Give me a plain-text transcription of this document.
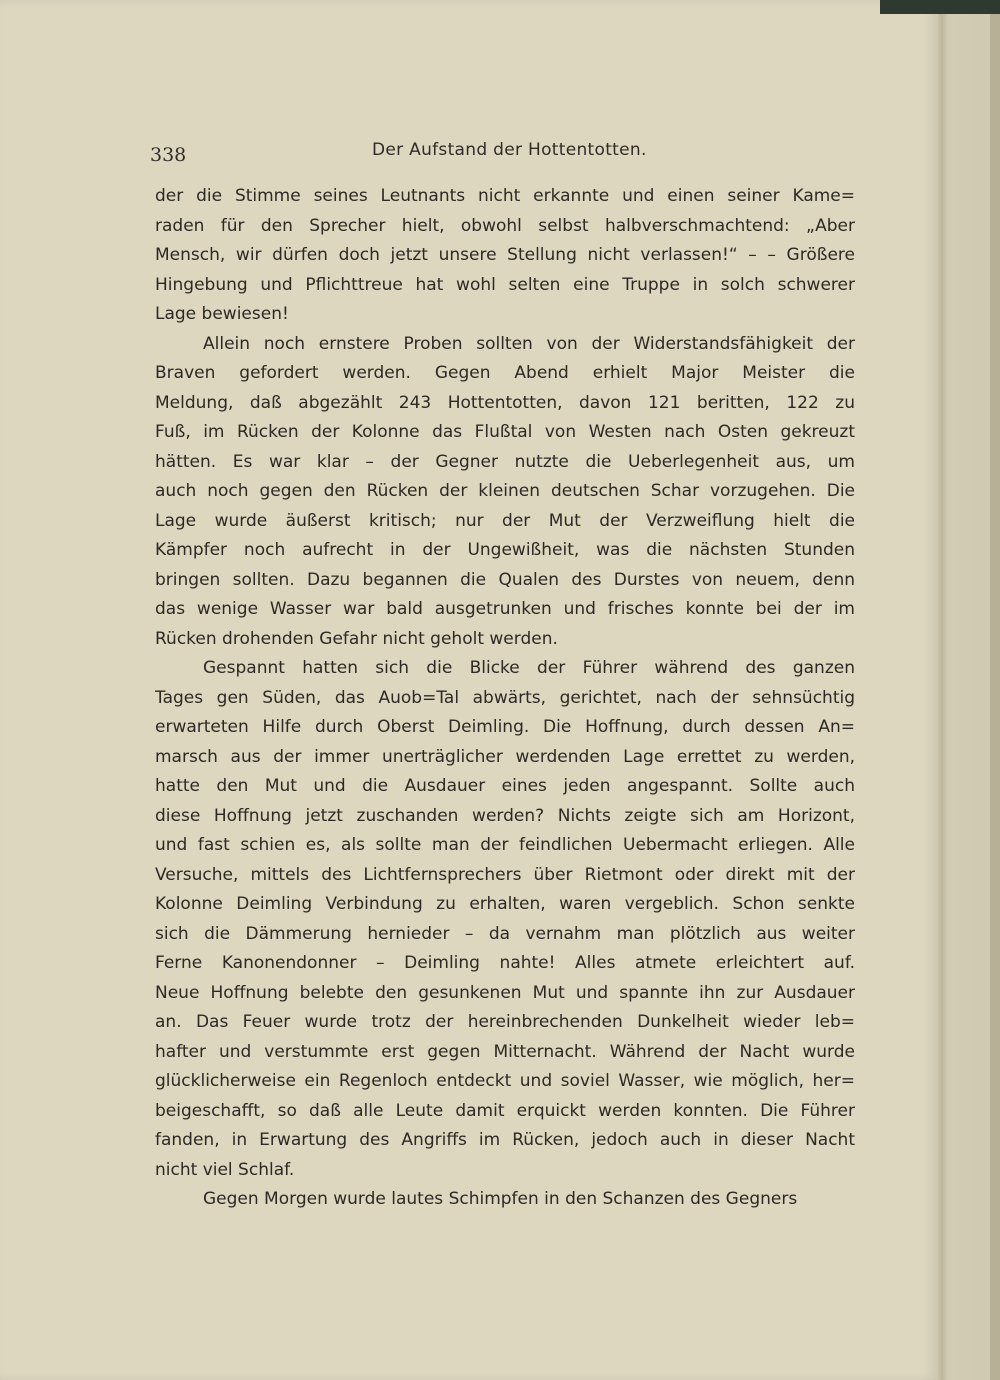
338	Der Aufstand der Hottentotten.
der die Stimme seines Leutnants nicht erkannte und einen seiner Kame=
raden für den Sprecher hielt, obwohl selbst halbverschmachtend: „Aber
Mensch, wir dürfen doch jetzt unsere Stellung nicht verlassen!“ – – Größere
Hingebung und Pflichttreue hat wohl selten eine Truppe in solch schwerer
Lage bewiesen!
Allein noch ernstere Proben sollten von der Widerstandsfähigkeit der
Braven gefordert werden. Gegen Abend erhielt Major Meister die
Meldung, daß abgezählt 243 Hottentotten, davon 121 beritten, 122 zu
Fuß, im Rücken der Kolonne das Flußtal von Westen nach Osten gekreuzt
hätten. Es war klar – der Gegner nutzte die Ueberlegenheit aus, um
auch noch gegen den Rücken der kleinen deutschen Schar vorzugehen. Die
Lage wurde äußerst kritisch; nur der Mut der Verzweiflung hielt die
Kämpfer noch aufrecht in der Ungewißheit, was die nächsten Stunden
bringen sollten. Dazu begannen die Qualen des Durstes von neuem, denn
das wenige Wasser war bald ausgetrunken und frisches konnte bei der im
Rücken drohenden Gefahr nicht geholt werden.
Gespannt hatten sich die Blicke der Führer während des ganzen
Tages gen Süden, das Auob=Tal abwärts, gerichtet, nach der sehnsüchtig
erwarteten Hilfe durch Oberst Deimling. Die Hoffnung, durch dessen An=
marsch aus der immer unerträglicher werdenden Lage errettet zu werden,
hatte den Mut und die Ausdauer eines jeden angespannt. Sollte auch
diese Hoffnung jetzt zuschanden werden? Nichts zeigte sich am Horizont,
und fast schien es, als sollte man der feindlichen Uebermacht erliegen. Alle
Versuche, mittels des Lichtfernsprechers über Rietmont oder direkt mit der
Kolonne Deimling Verbindung zu erhalten, waren vergeblich. Schon senkte
sich die Dämmerung hernieder – da vernahm man plötzlich aus weiter
Ferne Kanonendonner – Deimling nahte! Alles atmete erleichtert auf.
Neue Hoffnung belebte den gesunkenen Mut und spannte ihn zur Ausdauer
an. Das Feuer wurde trotz der hereinbrechenden Dunkelheit wieder leb=
hafter und verstummte erst gegen Mitternacht. Während der Nacht wurde
glücklicherweise ein Regenloch entdeckt und soviel Wasser, wie möglich, her=
beigeschafft, so daß alle Leute damit erquickt werden konnten. Die Führer
fanden, in Erwartung des Angriffs im Rücken, jedoch auch in dieser Nacht
nicht viel Schlaf.
Gegen Morgen wurde lautes Schimpfen in den Schanzen des Gegners
